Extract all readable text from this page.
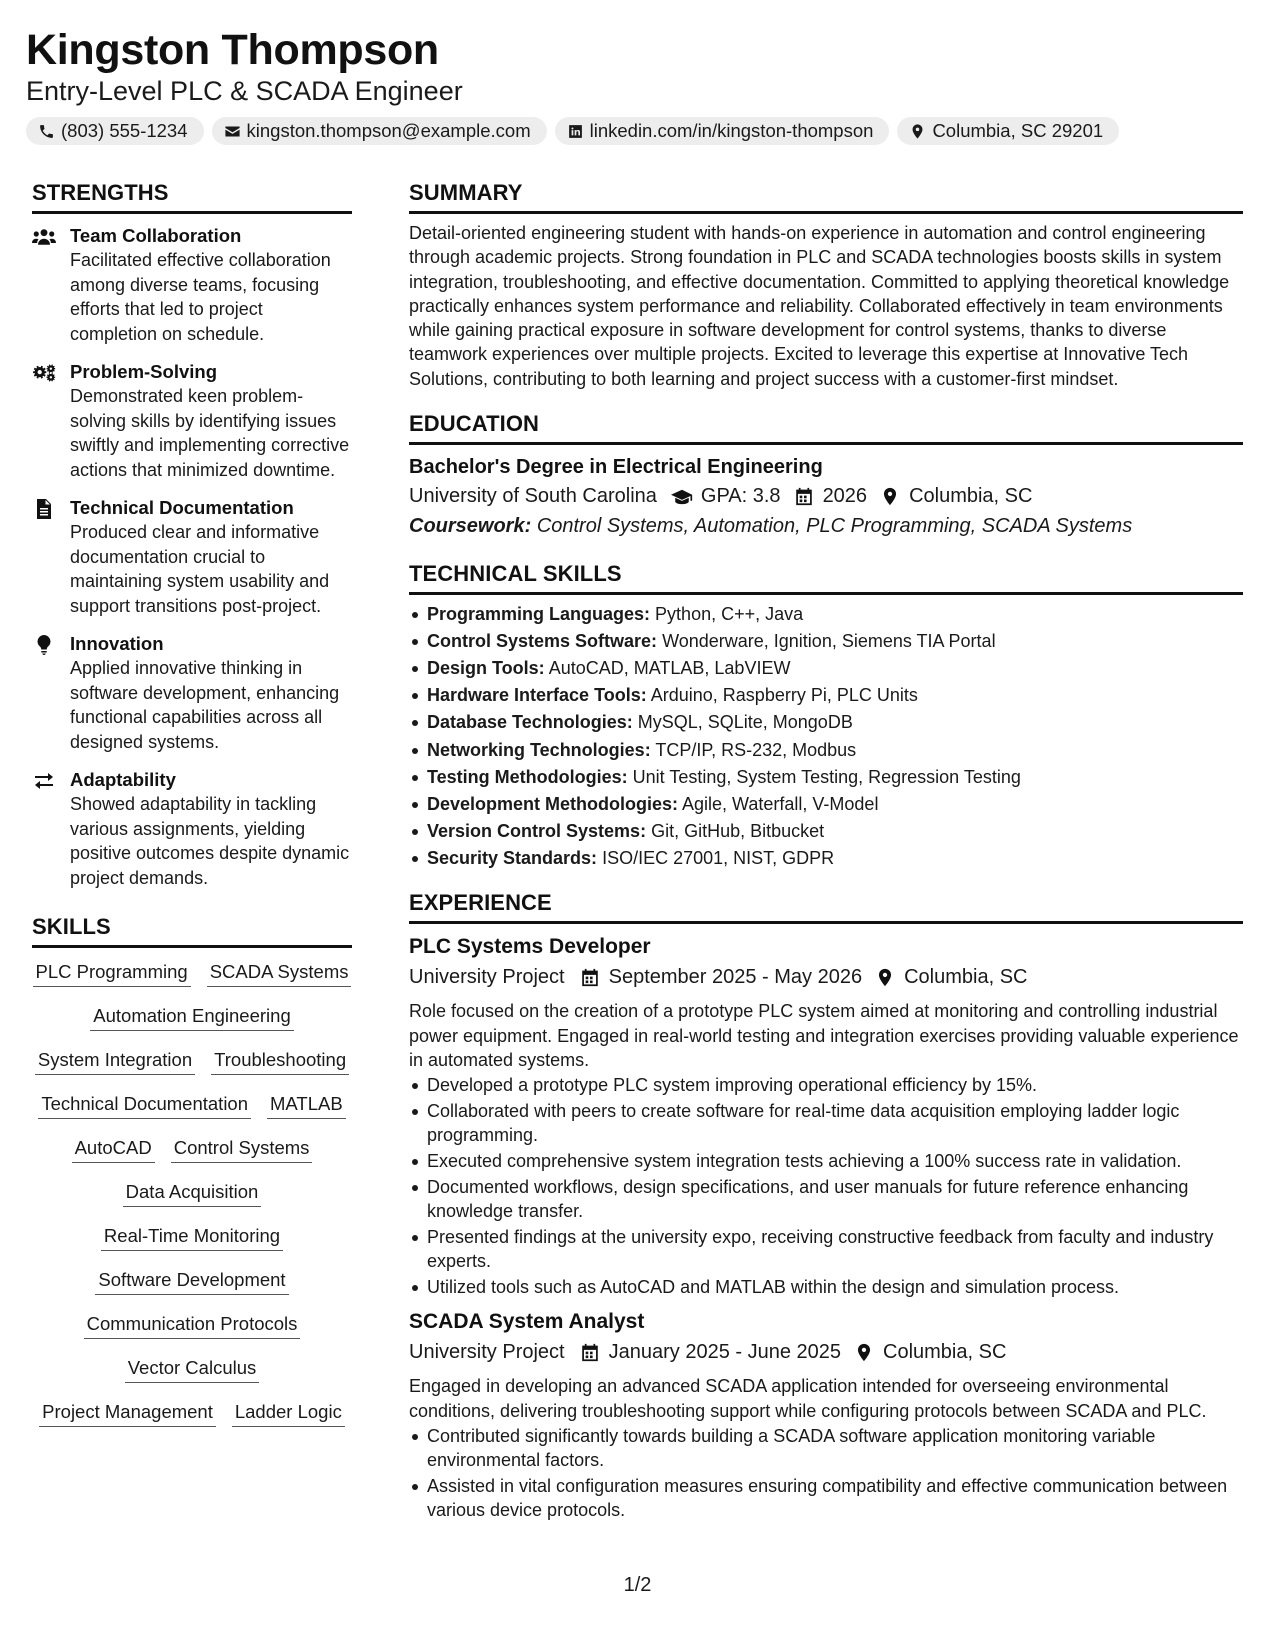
Kingston Thompson
Entry-Level PLC & SCADA Engineer
(803) 555-1234	kingston.thompson@example.com	linkedin.com/in/kingston-thompson	Columbia, SC 29201
STRENGTHS
Team Collaboration
Facilitated effective collaboration among diverse teams, focusing efforts that led to project completion on schedule.
Problem-Solving
Demonstrated keen problem-solving skills by identifying issues swiftly and implementing corrective actions that minimized downtime.
Technical Documentation
Produced clear and informative documentation crucial to maintaining system usability and support transitions post-project.
Innovation
Applied innovative thinking in software development, enhancing functional capabilities across all designed systems.
Adaptability
Showed adaptability in tackling various assignments, yielding positive outcomes despite dynamic project demands.
SKILLS
PLC Programming SCADA Systems
Automation Engineering
System Integration Troubleshooting
Technical Documentation MATLAB
AutoCAD Control Systems
Data Acquisition
Real-Time Monitoring
Software Development
Communication Protocols
Vector Calculus
Project Management Ladder Logic
SUMMARY
Detail-oriented engineering student with hands-on experience in automation and control engineering through academic projects. Strong foundation in PLC and SCADA technologies boosts skills in system integration, troubleshooting, and effective documentation. Committed to applying theoretical knowledge practically enhances system performance and reliability. Collaborated effectively in team environments while gaining practical exposure in software development for control systems, thanks to diverse teamwork experiences over multiple projects. Excited to leverage this expertise at Innovative Tech Solutions, contributing to both learning and project success with a customer-first mindset.
EDUCATION
Bachelor's Degree in Electrical Engineering
University of South Carolina GPA: 3.8 2026 Columbia, SC
Coursework: Control Systems, Automation, PLC Programming, SCADA Systems
TECHNICAL SKILLS
Programming Languages: Python, C++, Java
Control Systems Software: Wonderware, Ignition, Siemens TIA Portal
Design Tools: AutoCAD, MATLAB, LabVIEW
Hardware Interface Tools: Arduino, Raspberry Pi, PLC Units
Database Technologies: MySQL, SQLite, MongoDB
Networking Technologies: TCP/IP, RS-232, Modbus
Testing Methodologies: Unit Testing, System Testing, Regression Testing
Development Methodologies: Agile, Waterfall, V-Model
Version Control Systems: Git, GitHub, Bitbucket
Security Standards: ISO/IEC 27001, NIST, GDPR
EXPERIENCE
PLC Systems Developer
University Project September 2025 - May 2026 Columbia, SC
Role focused on the creation of a prototype PLC system aimed at monitoring and controlling industrial power equipment. Engaged in real-world testing and integration exercises providing valuable experience in automated systems.
Developed a prototype PLC system improving operational efficiency by 15%.
Collaborated with peers to create software for real-time data acquisition employing ladder logic programming.
Executed comprehensive system integration tests achieving a 100% success rate in validation.
Documented workflows, design specifications, and user manuals for future reference enhancing knowledge transfer.
Presented findings at the university expo, receiving constructive feedback from faculty and industry experts.
Utilized tools such as AutoCAD and MATLAB within the design and simulation process.
SCADA System Analyst
University Project January 2025 - June 2025 Columbia, SC
Engaged in developing an advanced SCADA application intended for overseeing environmental conditions, delivering troubleshooting support while configuring protocols between SCADA and PLC.
Contributed significantly towards building a SCADA software application monitoring variable environmental factors.
Assisted in vital configuration measures ensuring compatibility and effective communication between various device protocols.
1/2
